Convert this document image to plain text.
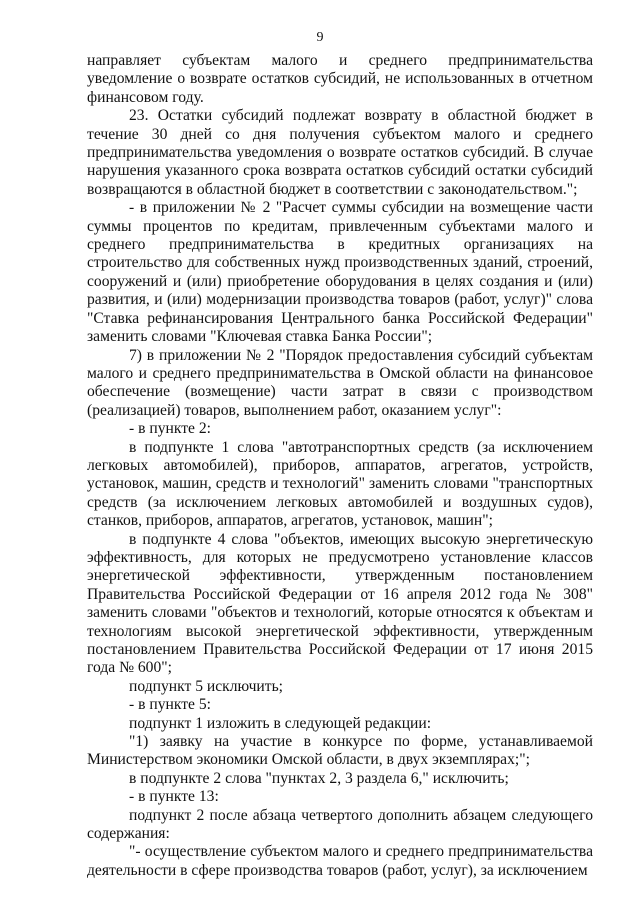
9

направляет субъектам малого и среднего предпринимательства уведомление о возврате остатков субсидий, не использованных в отчетном финансовом году.

23. Остатки субсидий подлежат возврату в областной бюджет в течение 30 дней со дня получения субъектом малого и среднего предпринимательства уведомления о возврате остатков субсидий. В случае нарушения указанного срока возврата остатков субсидий остатки субсидий возвращаются в областной бюджет в соответствии с законодательством.";

- в приложении № 2 "Расчет суммы субсидии на возмещение части суммы процентов по кредитам, привлеченным субъектами малого и среднего предпринимательства в кредитных организациях на строительство для собственных нужд производственных зданий, строений, сооружений и (или) приобретение оборудования в целях создания и (или) развития, и (или) модернизации производства товаров (работ, услуг)" слова "Ставка рефинансирования Центрального банка Российской Федерации" заменить словами "Ключевая ставка Банка России";

7) в приложении № 2 "Порядок предоставления субсидий субъектам малого и среднего предпринимательства в Омской области на финансовое обеспечение (возмещение) части затрат в связи с производством (реализацией) товаров, выполнением работ, оказанием услуг":

- в пункте 2:

в подпункте 1 слова "автотранспортных средств (за исключением легковых автомобилей), приборов, аппаратов, агрегатов, устройств, установок, машин, средств и технологий" заменить словами "транспортных средств (за исключением легковых автомобилей и воздушных судов), станков, приборов, аппаратов, агрегатов, установок, машин";

в подпункте 4 слова "объектов, имеющих высокую энергетическую эффективность, для которых не предусмотрено установление классов энергетической эффективности, утвержденным постановлением Правительства Российской Федерации от 16 апреля 2012 года № 308" заменить словами "объектов и технологий, которые относятся к объектам и технологиям высокой энергетической эффективности, утвержденным постановлением Правительства Российской Федерации от 17 июня 2015 года № 600";

подпункт 5 исключить;

- в пункте 5:

подпункт 1 изложить в следующей редакции:

"1) заявку на участие в конкурсе по форме, устанавливаемой Министерством экономики Омской области, в двух экземплярах;";

в подпункте 2 слова "пунктах 2, 3 раздела 6," исключить;

- в пункте 13:

подпункт 2 после абзаца четвертого дополнить абзацем следующего содержания:

"- осуществление субъектом малого и среднего предпринимательства деятельности в сфере производства товаров (работ, услуг), за исключением
